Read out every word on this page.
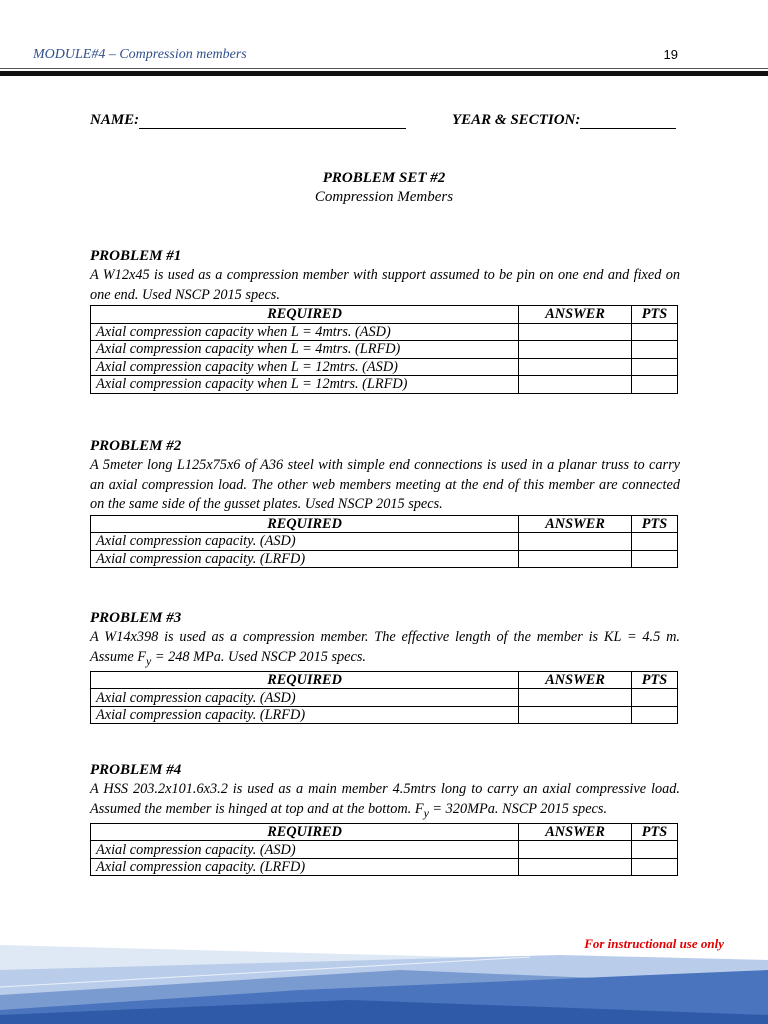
MODULE#4 – Compression members	19
NAME:	YEAR & SECTION:
PROBLEM SET #2
Compression Members
PROBLEM #1

A W12x45 is used as a compression member with support assumed to be pin on one end and fixed on one end. Used NSCP 2015 specs.

REQUIRED	ANSWER	PTS
Axial compression capacity when L = 4mtrs. (ASD)		
Axial compression capacity when L = 4mtrs. (LRFD)		
Axial compression capacity when L = 12mtrs. (ASD)		
Axial compression capacity when L = 12mtrs. (LRFD)		
PROBLEM #2

A 5meter long L125x75x6 of A36 steel with simple end connections is used in a planar truss to carry an axial compression load. The other web members meeting at the end of this member are connected on the same side of the gusset plates. Used NSCP 2015 specs.

REQUIRED	ANSWER	PTS
Axial compression capacity. (ASD)		
Axial compression capacity. (LRFD)		
PROBLEM #3

A W14x398 is used as a compression member. The effective length of the member is KL = 4.5 m. Assume $F_y = 248$ MPa. Used NSCP 2015 specs.

REQUIRED	ANSWER	PTS
Axial compression capacity. (ASD)		
Axial compression capacity. (LRFD)		
PROBLEM #4

A HSS 203.2x101.6x3.2 is used as a main member 4.5mtrs long to carry an axial compressive load. Assumed the member is hinged at top and at the bottom. $F_y = 320MPa$. NSCP 2015 specs.

REQUIRED	ANSWER	PTS
Axial compression capacity. (ASD)		
Axial compression capacity. (LRFD)		
For instructional use only
